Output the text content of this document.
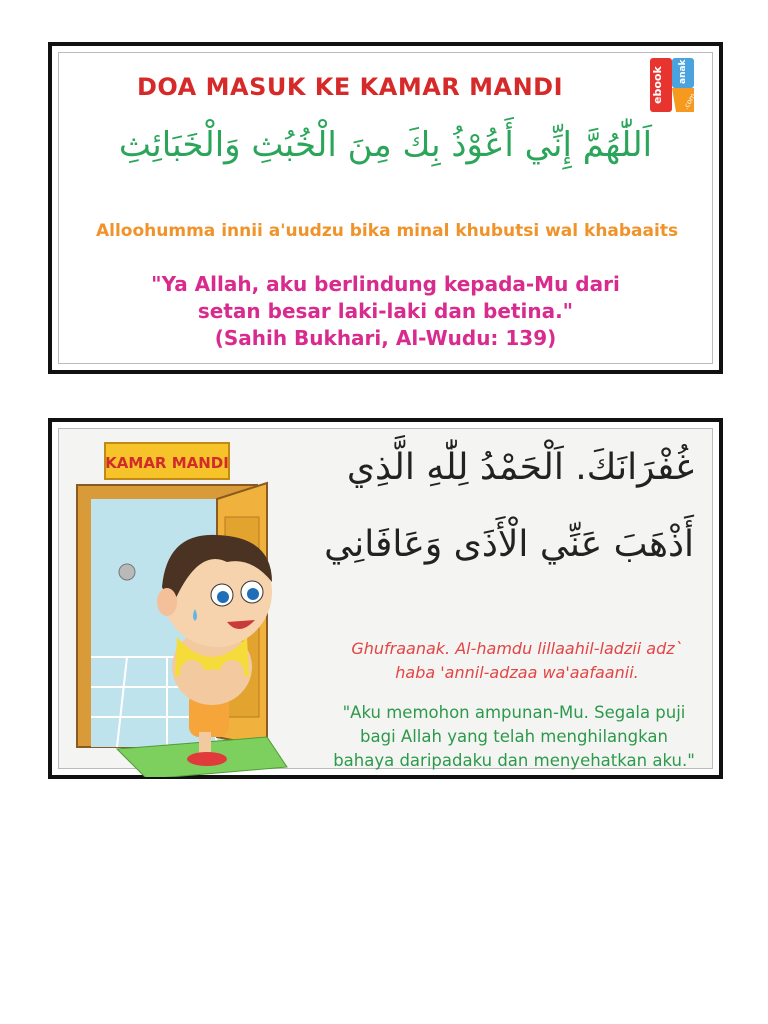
DOA MASUK KE KAMAR MANDI	ebook anak
.com
اَللّٰهُمَّ إِنِّي أَعُوْذُ بِكَ مِنَ الْخُبُثِ وَالْخَبَائِثِ
Alloohumma innii a'uudzu bika minal khubutsi wal khabaaits
"Ya Allah, aku berlindung kepada-Mu dari
setan besar laki-laki dan betina."
(Sahih Bukhari, Al-Wudu: 139)
KAMAR MANDI	غُفْرَانَكَ. اَلْحَمْدُ لِلّٰهِ الَّذِي
أَذْهَبَ عَنِّي الْأَذَى وَعَافَانِي
Ghufraanak. Al-hamdu lillaahil-ladzii adz`
haba 'annil-adzaa wa'aafaanii.
"Aku memohon ampunan-Mu. Segala puji
bagi Allah yang telah menghilangkan
bahaya daripadaku dan menyehatkan aku."
